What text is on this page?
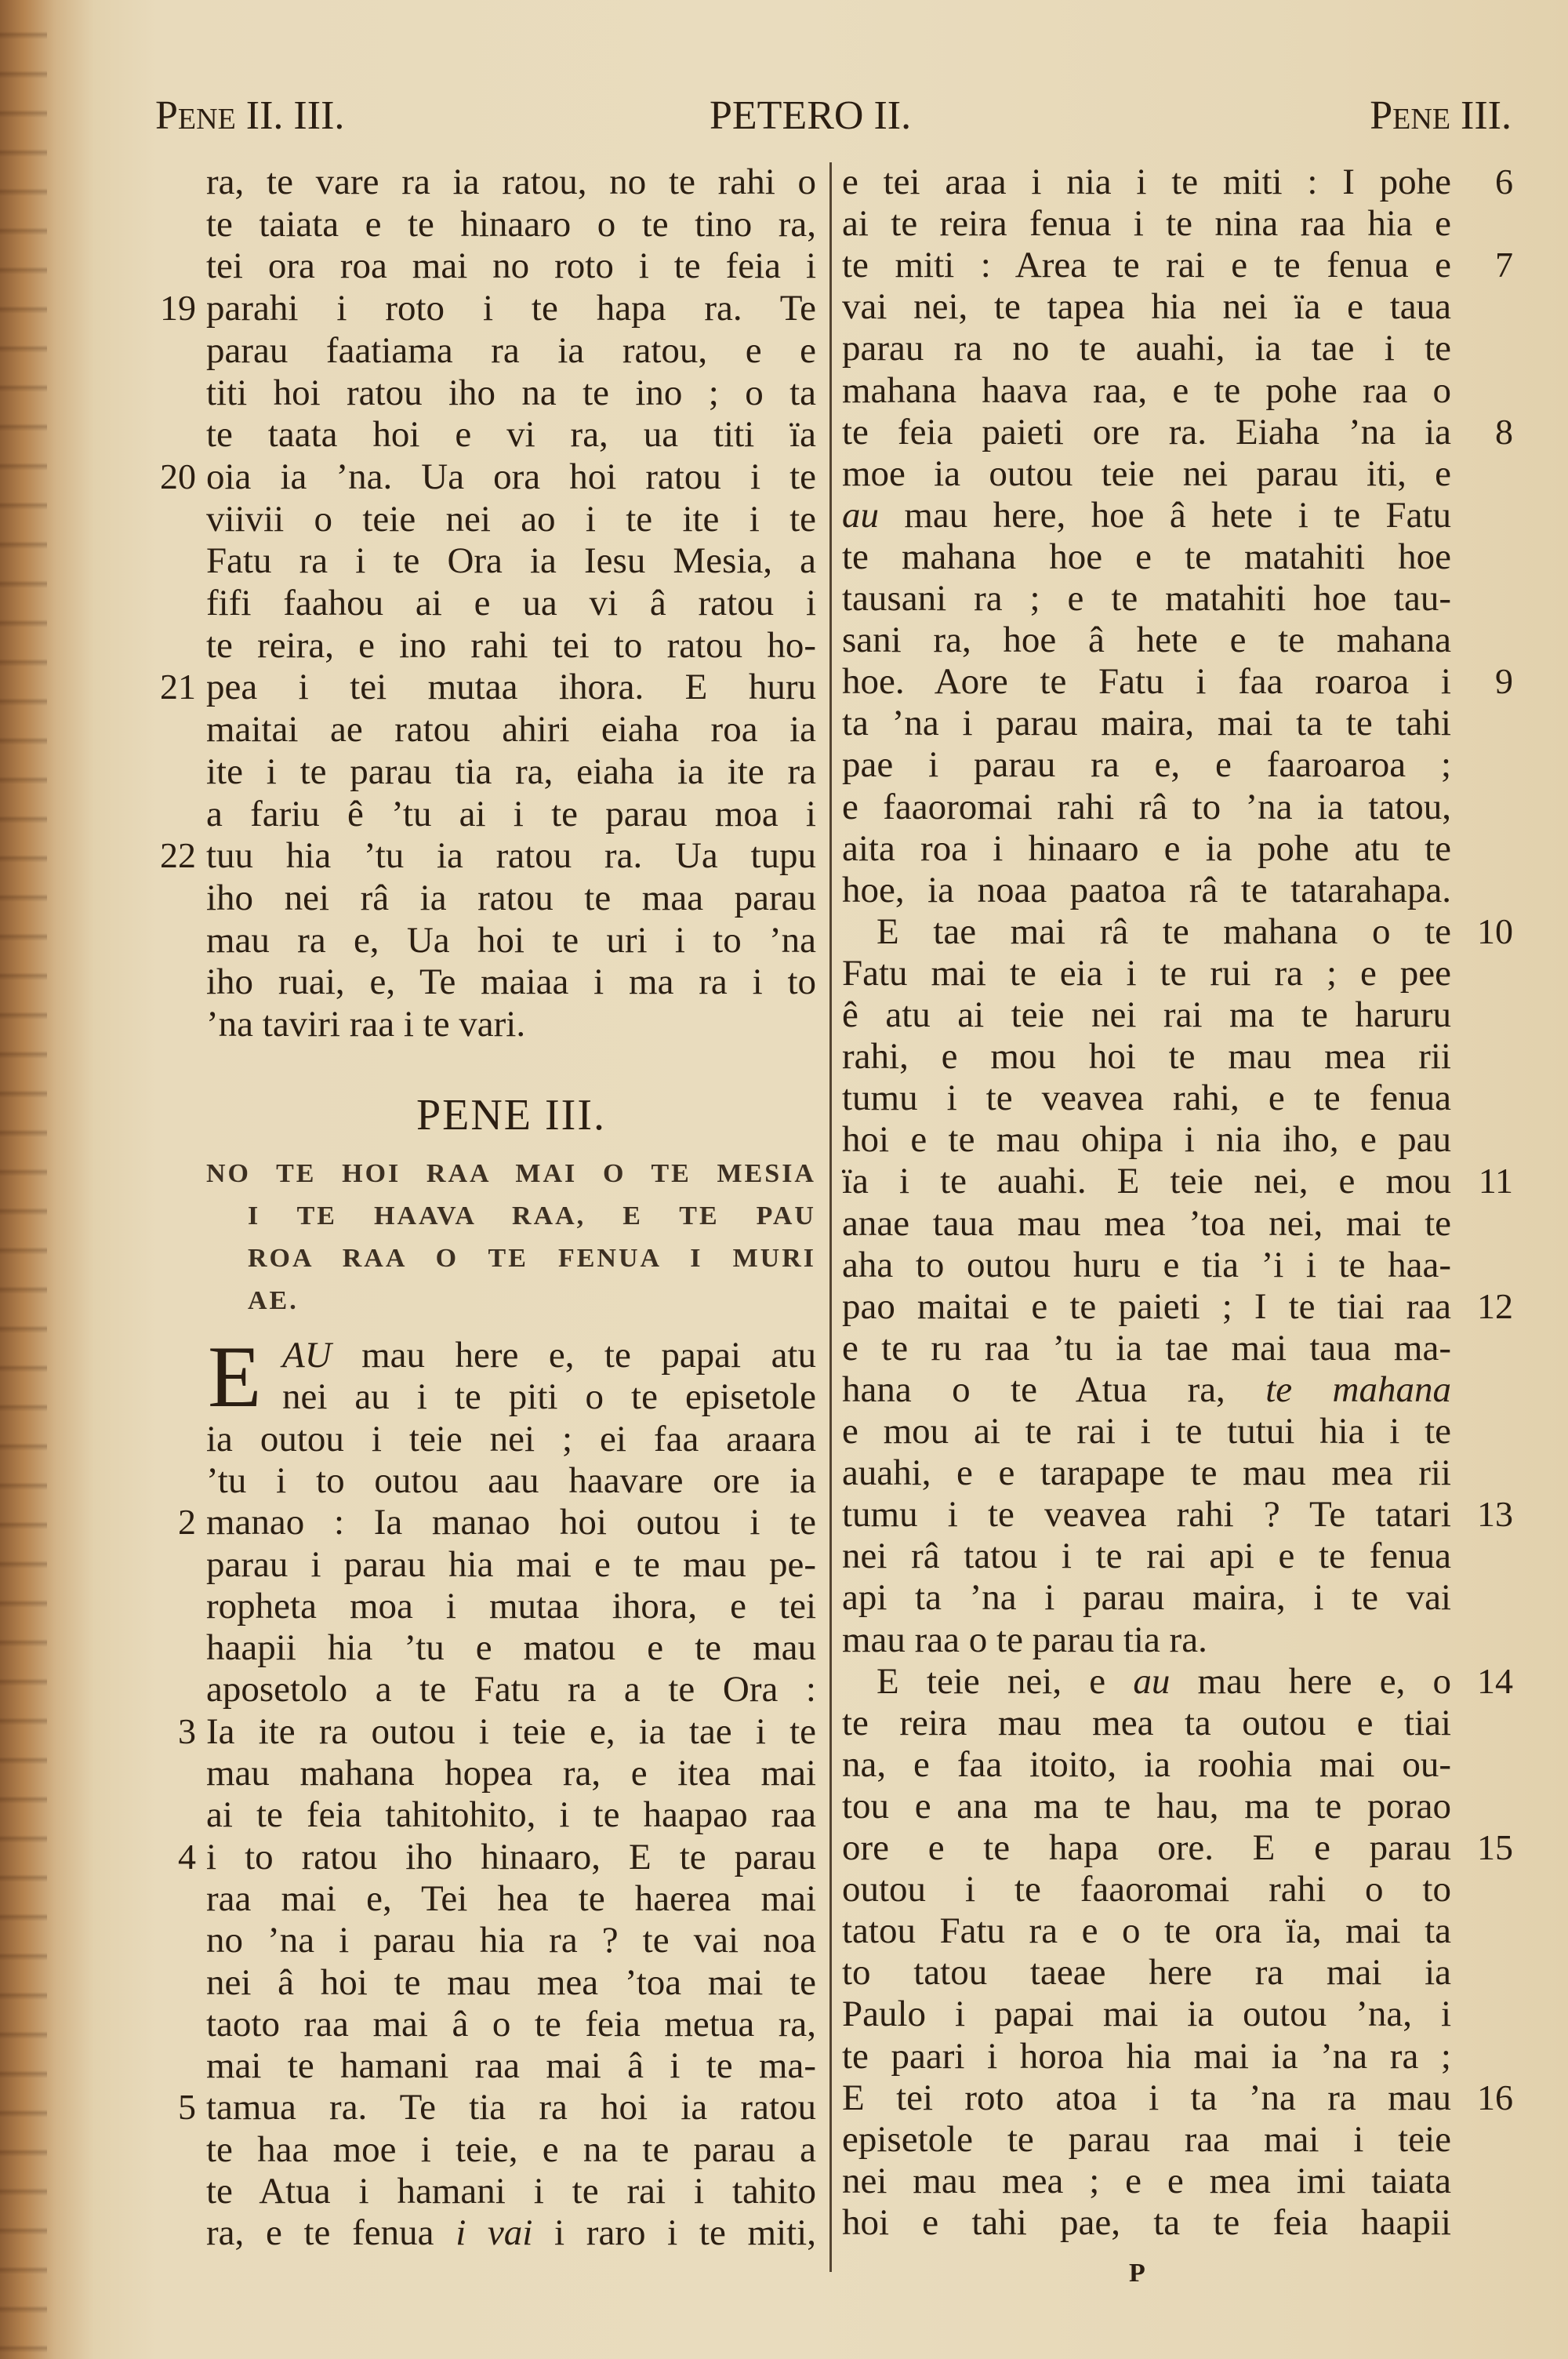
PENE II. III.	PETERO II.	PENE III.
ra, te vare ra ia ratou, no te rahi o
te taiata e te hinaaro o te tino ra,
tei ora roa mai no roto i te feia i
19 parahi i roto i te hapa ra. Te
parau faatiama ra ia ratou, e e
titi hoi ratou iho na te ino ; o ta
te taata hoi e vi ra, ua titi ïa
20 oia ia ’na. Ua ora hoi ratou i te
viivii o teie nei ao i te ite i te
Fatu ra i te Ora ia Iesu Mesia, a
fifi faahou ai e ua vi â ratou i
te reira, e ino rahi tei to ratou ho-
21 pea i tei mutaa ihora. E huru
maitai ae ratou ahiri eiaha roa ia
ite i te parau tia ra, eiaha ia ite ra
a fariu ê ’tu ai i te parau moa i
22 tuu hia ’tu ia ratou ra. Ua tupu
iho nei râ ia ratou te maa parau
mau ra e, Ua hoi te uri i to ’na
iho ruai, e, Te maiaa i ma ra i to
’na taviri raa i te vari.
PENE III.
NO TE HOI RAA MAI O TE MESIA
I TE HAAVA RAA, E TE PAU
ROA RAA O TE FENUA I MURI
AE.
E AU mau here e, te papai atu
nei au i te piti o te episetole
ia outou i teie nei ; ei faa araara
’tu i to outou aau haavare ore ia
2 manao : Ia manao hoi outou i te
parau i parau hia mai e te mau pe-
ropheta moa i mutaa ihora, e tei
haapii hia ’tu e matou e te mau
aposetolo a te Fatu ra a te Ora :
3 Ia ite ra outou i teie e, ia tae i te
mau mahana hopea ra, e itea mai
ai te feia tahitohito, i te haapao raa
4 i to ratou iho hinaaro, E te parau
raa mai e, Tei hea te haerea mai
no ’na i parau hia ra ? te vai noa
nei â hoi te mau mea ’toa mai te
taoto raa mai â o te feia metua ra,
mai te hamani raa mai â i te ma-
5 tamua ra. Te tia ra hoi ia ratou
te haa moe i teie, e na te parau a
te Atua i hamani i te rai i tahito
ra, e te fenua i vai i raro i te miti,
6
e tei araa i nia i te miti : I pohe
ai te reira fenua i te nina raa hia e
7
te miti : Area te rai e te fenua e
vai nei, te tapea hia nei ïa e taua
parau ra no te auahi, ia tae i te
mahana haava raa, e te pohe raa o
8
te feia paieti ore ra. Eiaha ’na ia
moe ia outou teie nei parau iti, e
au mau here, hoe â hete i te Fatu
te mahana hoe e te matahiti hoe
tausani ra ; e te matahiti hoe tau-
sani ra, hoe â hete e te mahana
9
hoe. Aore te Fatu i faa roaroa i
ta ’na i parau maira, mai ta te tahi
pae i parau ra e, e faaroaroa ;
e faaoromai rahi râ to ’na ia tatou,
aita roa i hinaaro e ia pohe atu te
hoe, ia noaa paatoa râ te tatarahapa.
10
E tae mai râ te mahana o te
Fatu mai te eia i te rui ra ; e pee
ê atu ai teie nei rai ma te haruru
rahi, e mou hoi te mau mea rii
tumu i te veavea rahi, e te fenua
hoi e te mau ohipa i nia iho, e pau
11
ïa i te auahi. E teie nei, e mou
anae taua mau mea ’toa nei, mai te
aha to outou huru e tia ’i i te haa-
12
pao maitai e te paieti ; I te tiai raa
e te ru raa ’tu ia tae mai taua ma-
hana o te Atua ra, te mahana
e mou ai te rai i te tutui hia i te
auahi, e e tarapape te mau mea rii
13
tumu i te veavea rahi ? Te tatari
nei râ tatou i te rai api e te fenua
api ta ’na i parau maira, i te vai
mau raa o te parau tia ra.
14
E teie nei, e au mau here e, o
te reira mau mea ta outou e tiai
na, e faa itoito, ia roohia mai ou-
tou e ana ma te hau, ma te porao
15
ore e te hapa ore. E e parau
outou i te faaoromai rahi o to
tatou Fatu ra e o te ora ïa, mai ta
to tatou taeae here ra mai ia
Paulo i papai mai ia outou ’na, i
te paari i horoa hia mai ia ’na ra ;
16
E tei roto atoa i ta ’na ra mau
episetole te parau raa mai i teie
nei mau mea ; e e mea imi taiata
hoi e tahi pae, ta te feia haapii
P
